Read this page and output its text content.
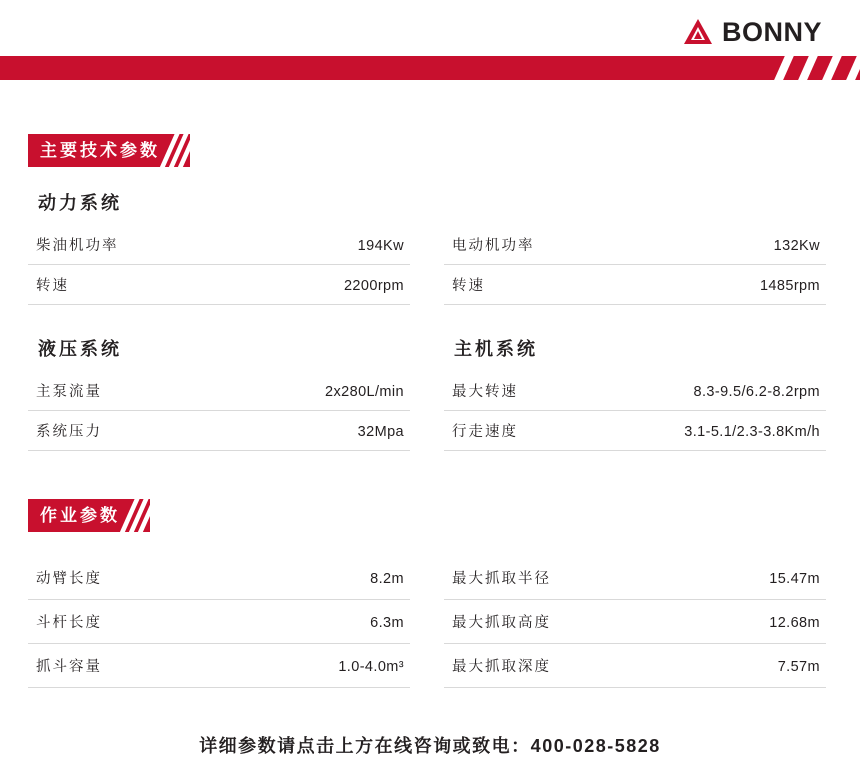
BONNY
主要技术参数
动力系统
柴油机功率	194Kw
转速	2200rpm
液压系统
主泵流量	2x280L/min
系统压力	32Mpa
电动机功率	132Kw
转速	1485rpm
主机系统
最大转速	8.3-9.5/6.2-8.2rpm
行走速度	3.1-5.1/2.3-3.8Km/h
作业参数
动臂长度	8.2m
斗杆长度	6.3m
抓斗容量	1.0-4.0m³
最大抓取半径	15.47m
最大抓取高度	12.68m
最大抓取深度	7.57m
详细参数请点击上方在线咨询或致电：400-028-5828
